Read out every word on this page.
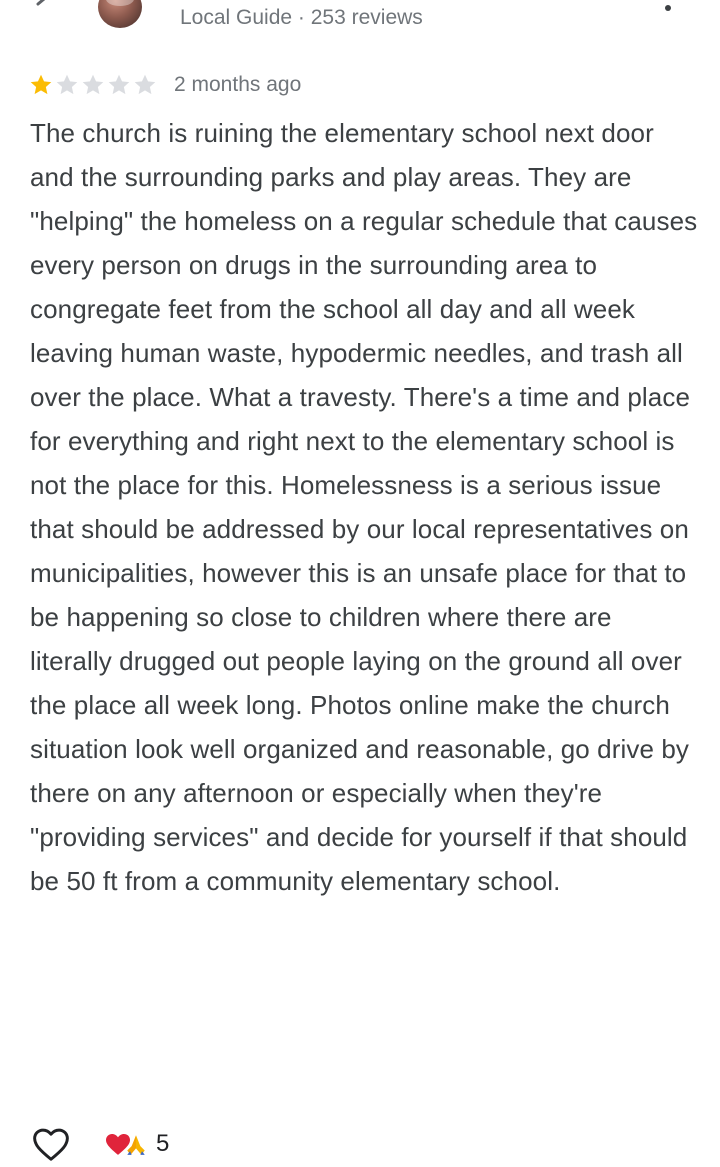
Local Guide · 253 reviews
2 months ago

The church is ruining the elementary school next door and the surrounding parks and play areas. They are "helping" the homeless on a regular schedule that causes every person on drugs in the surrounding area to congregate feet from the school all day and all week leaving human waste, hypodermic needles, and trash all over the place. What a travesty. There's a time and place for everything and right next to the elementary school is not the place for this. Homelessness is a serious issue that should be addressed by our local representatives on municipalities, however this is an unsafe place for that to be happening so close to children where there are literally drugged out people laying on the ground all over the place all week long. Photos online make the church situation look well organized and reasonable, go drive by there on any afternoon or especially when they're "providing services" and decide for yourself if that should be 50 ft from a community elementary school.

5
